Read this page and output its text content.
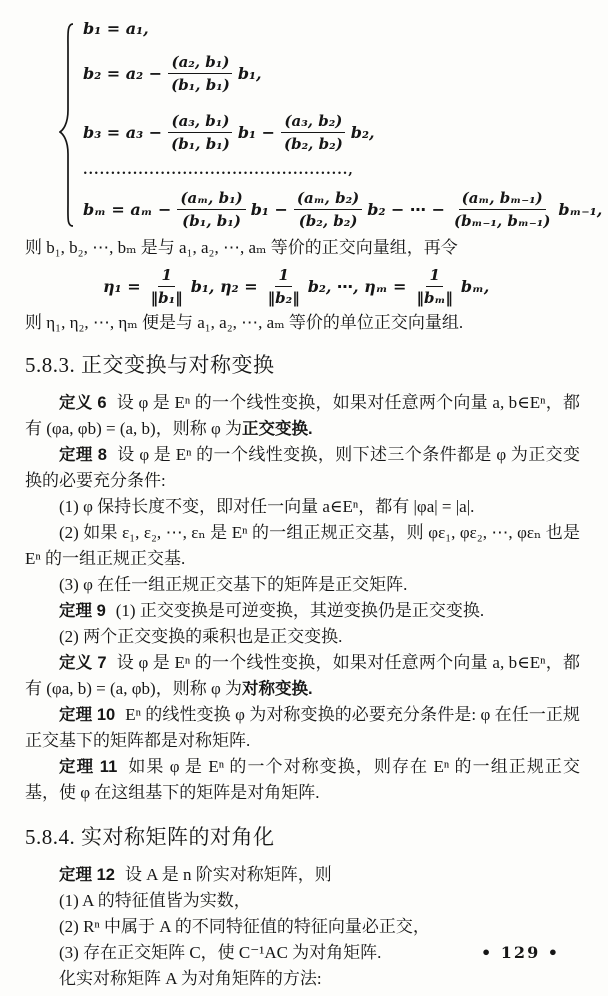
b₁ = a₁,
$b_2 = a_2 - \frac{\text{(a₂, b₁)}}{\text{(b₁, b₁)}} b_1$,
$b_3 = a_3 - \frac{\text{(a₃, b₁)}}{\text{(b₁, b₁)}} b_1 - \frac{\text{(a₃, b₂)}}{\text{(b₂, b₂)}} b_2$,
................................................,
$b_m = a_m - \frac{\text{(aₘ, b₁)}}{\text{(b₁, b₁)}} b_1 - \frac{\text{(aₘ, b₂)}}{\text{(b₂, b₂)}} b_2$ − ⋯ − $\frac{\text{(aₘ, bₘ₋₁)}}{\text{(bₘ₋₁, bₘ₋₁)}} b_{m-1}$,

则 b₁, b₂, ⋯, bₘ 是与 a₁, a₂, ⋯, aₘ 等价的正交向量组，再令

$\eta_1 = \frac{1}{\text{‖b₁‖}} b_1$, $\eta_2 = \frac{1}{\text{‖b₂‖}} b_2$, ⋯, $\eta_m = \frac{1}{\text{‖bₘ‖}} b_m$,

则 η₁, η₂, ⋯, ηₘ 便是与 a₁, a₂, ⋯, aₘ 等价的单位正交向量组.

5.8.3. 正交变换与对称变换

定义 6 设 φ 是 Eⁿ 的一个线性变换，如果对任意两个向量 a, b∈Eⁿ，都有 (φa, φb) = (a, b)，则称 φ 为正交变换.

定理 8 设 φ 是 Eⁿ 的一个线性变换，则下述三个条件都是 φ 为正交变换的必要充分条件:

(1) φ 保持长度不变，即对任一向量 a∈Eⁿ，都有 |φa| = |a|.

(2) 如果 ε₁, ε₂, ⋯, εₙ 是 Eⁿ 的一组正规正交基，则 φε₁, φε₂, ⋯, φεₙ 也是 Eⁿ 的一组正规正交基.

(3) φ 在任一组正规正交基下的矩阵是正交矩阵.

定理 9 (1) 正交变换是可逆变换，其逆变换仍是正交变换.

(2) 两个正交变换的乘积也是正交变换.

定义 7 设 φ 是 Eⁿ 的一个线性变换，如果对任意两个向量 a, b∈Eⁿ，都有 (φa, b) = (a, φb)，则称 φ 为对称变换.

定理 10 Eⁿ 的线性变换 φ 为对称变换的必要充分条件是: φ 在任一正规正交基下的矩阵都是对称矩阵.

定理 11 如果 φ 是 Eⁿ 的一个对称变换，则存在 Eⁿ 的一组正规正交基，使 φ 在这组基下的矩阵是对角矩阵.

5.8.4. 实对称矩阵的对角化

定理 12 设 A 是 n 阶实对称矩阵，则

(1) A 的特征值皆为实数，

(2) Rⁿ 中属于 A 的不同特征值的特征向量必正交，

(3) 存在正交矩阵 C，使 C⁻¹AC 为对角矩阵.

化实对称矩阵 A 为对角矩阵的方法:

• 129 •
